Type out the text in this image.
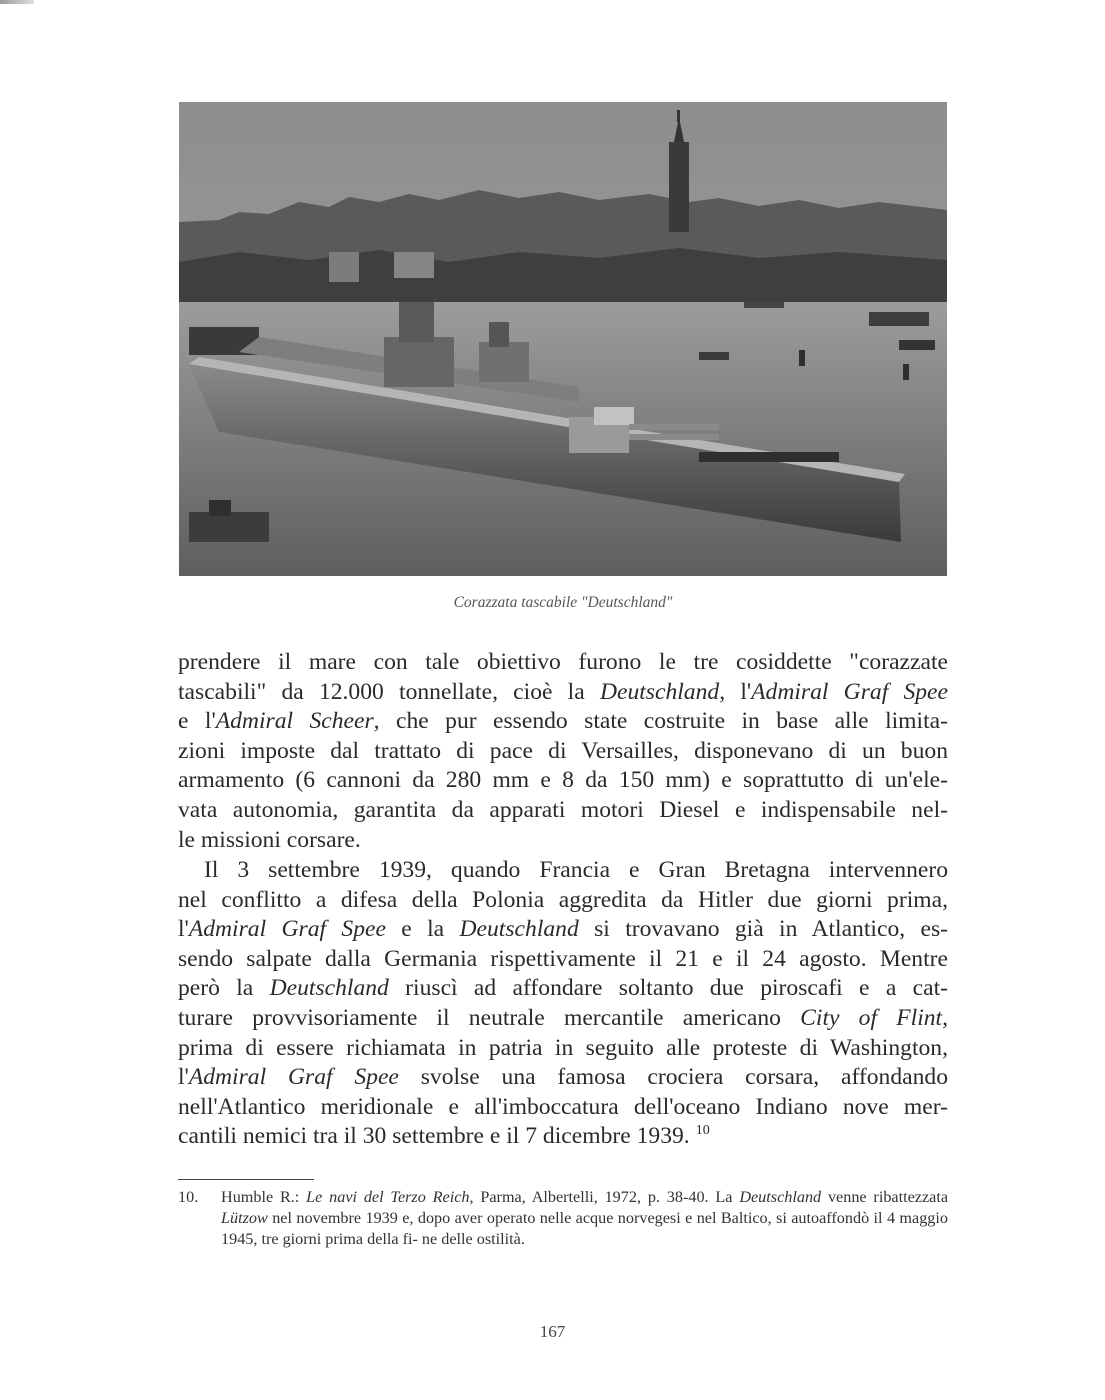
Corazzata tascabile "Deutschland"
prendere il mare con tale obiettivo furono le tre cosiddette "corazzate
tascabili" da 12.000 tonnellate, cioè la Deutschland, l'Admiral Graf Spee
e l'Admiral Scheer, che pur essendo state costruite in base alle limita-
zioni imposte dal trattato di pace di Versailles, disponevano di un buon
armamento (6 cannoni da 280 mm e 8 da 150 mm) e soprattutto di un'ele-
vata autonomia, garantita da apparati motori Diesel e indispensabile nel-
le missioni corsare.
Il 3 settembre 1939, quando Francia e Gran Bretagna intervennero
nel conflitto a difesa della Polonia aggredita da Hitler due giorni prima,
l'Admiral Graf Spee e la Deutschland si trovavano già in Atlantico, es-
sendo salpate dalla Germania rispettivamente il 21 e il 24 agosto. Mentre
però la Deutschland riuscì ad affondare soltanto due piroscafi e a cat-
turare provvisoriamente il neutrale mercantile americano City of Flint,
prima di essere richiamata in patria in seguito alle proteste di Washington,
l'Admiral Graf Spee svolse una famosa crociera corsara, affondando
nell'Atlantico meridionale e all'imboccatura dell'oceano Indiano nove mer-
cantili nemici tra il 30 settembre e il 7 dicembre 1939. $^{10}$
10. Humble R.: Le navi del Terzo Reich, Parma, Albertelli, 1972, p. 38-40. La Deutschland venne ribattezzata Lützow nel novembre 1939 e, dopo aver operato nelle acque norvegesi e nel Baltico, si autoaffondò il 4 maggio 1945, tre giorni prima della fi- ne delle ostilità.
167
